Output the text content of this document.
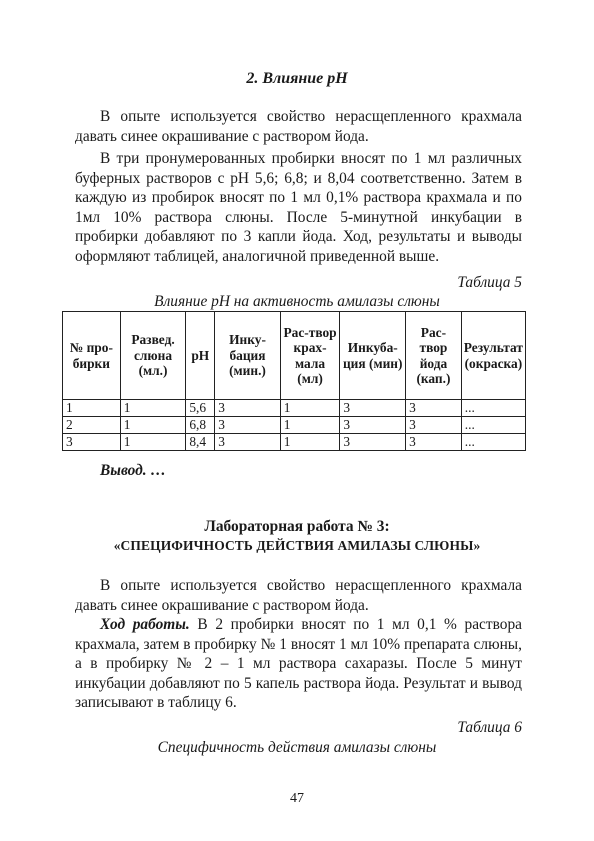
2. Влияние рН

В опыте используется свойство нерасщепленного крахмала давать синее окрашивание с раствором йода.

В три пронумерованных пробирки вносят по 1 мл различных буферных растворов с рН 5,6; 6,8; и 8,04 соответственно. Затем в каждую из пробирок вносят по 1 мл 0,1% раствора крахмала и по 1мл 10% раствора слюны. После 5-минутной инкубации в пробирки добавляют по 3 капли йода. Ход, результаты и выводы оформляют таблицей, аналогичной приведенной выше.

Таблица 5
Влияние рН на активность амилазы слюны
№ про-бирки	Развед. слюна (мл.)	рН	Инку-бация (мин.)	Рас-твор крах-мала (мл)	Инкуба-ция (мин)	Рас-твор йода (кап.)	Результат (окраска)
1	1	5,6	3	1	3	3	...
2	1	6,8	3	1	3	3	...
3	1	8,4	3	1	3	3	...
Вывод. …
Лабораторная работа № 3:
«СПЕЦИФИЧНОСТЬ ДЕЙСТВИЯ АМИЛАЗЫ СЛЮНЫ»

В опыте используется свойство нерасщепленного крахмала давать синее окрашивание с раствором йода.

Ход работы. В 2 пробирки вносят по 1 мл 0,1 % раствора крахмала, затем в пробирку № 1 вносят 1 мл 10% препарата слюны, а в пробирку № 2 – 1 мл раствора сахаразы. После 5 минут инкубации добавляют по 5 капель раствора йода. Результат и вывод записывают в таблицу 6.

Таблица 6
Специфичность действия амилазы слюны
47
